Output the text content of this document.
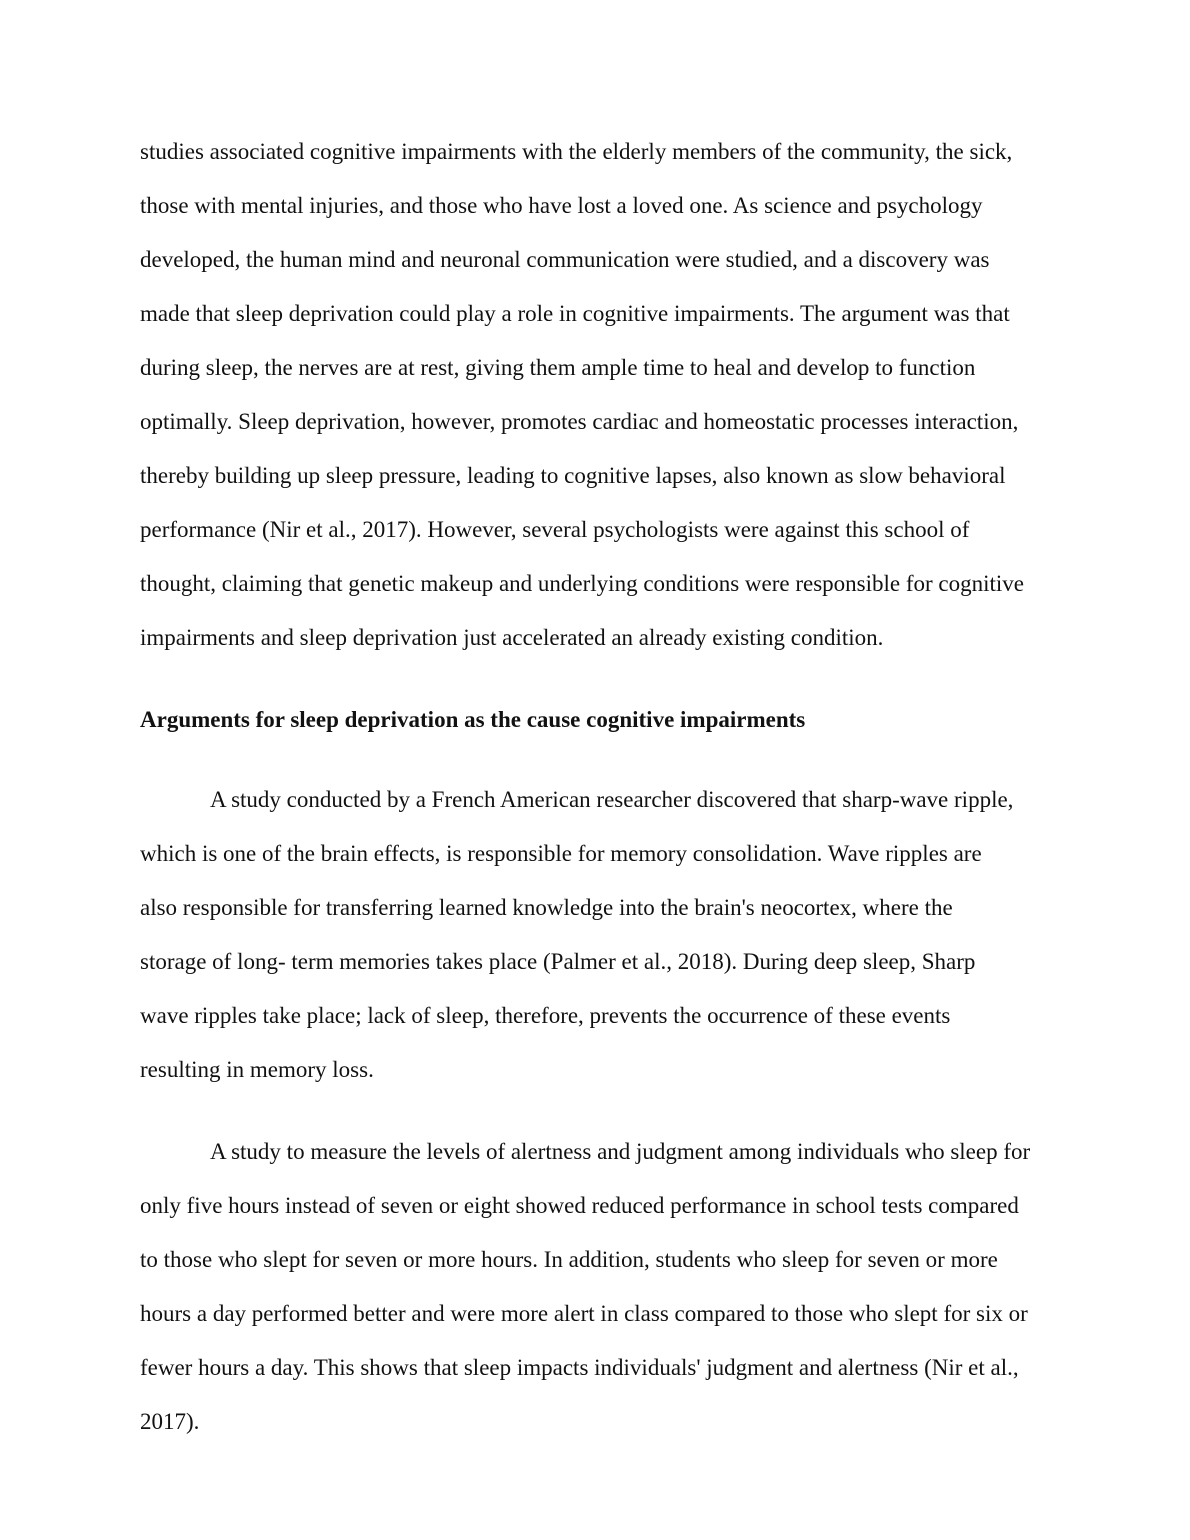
studies associated cognitive impairments with the elderly members of the community, the sick,

those with mental injuries, and those who have lost a loved one. As science and psychology

developed, the human mind and neuronal communication were studied, and a discovery was

made that sleep deprivation could play a role in cognitive impairments. The argument was that

during sleep, the nerves are at rest, giving them ample time to heal and develop to function

optimally. Sleep deprivation, however, promotes cardiac and homeostatic processes interaction,

thereby building up sleep pressure, leading to cognitive lapses, also known as slow behavioral

performance (Nir et al., 2017). However, several psychologists were against this school of

thought, claiming that genetic makeup and underlying conditions were responsible for cognitive

impairments and sleep deprivation just accelerated an already existing condition.

Arguments for sleep deprivation as the cause cognitive impairments

A study conducted by a French American researcher discovered that sharp-wave ripple,

which is one of the brain effects, is responsible for memory consolidation. Wave ripples are

also responsible for transferring learned knowledge into the brain's neocortex, where the

storage of long- term memories takes place (Palmer et al., 2018). During deep sleep, Sharp

wave ripples take place; lack of sleep, therefore, prevents the occurrence of these events

resulting in memory loss.

A study to measure the levels of alertness and judgment among individuals who sleep for

only five hours instead of seven or eight showed reduced performance in school tests compared

to those who slept for seven or more hours. In addition, students who sleep for seven or more

hours a day performed better and were more alert in class compared to those who slept for six or

fewer hours a day. This shows that sleep impacts individuals' judgment and alertness (Nir et al.,

2017).
